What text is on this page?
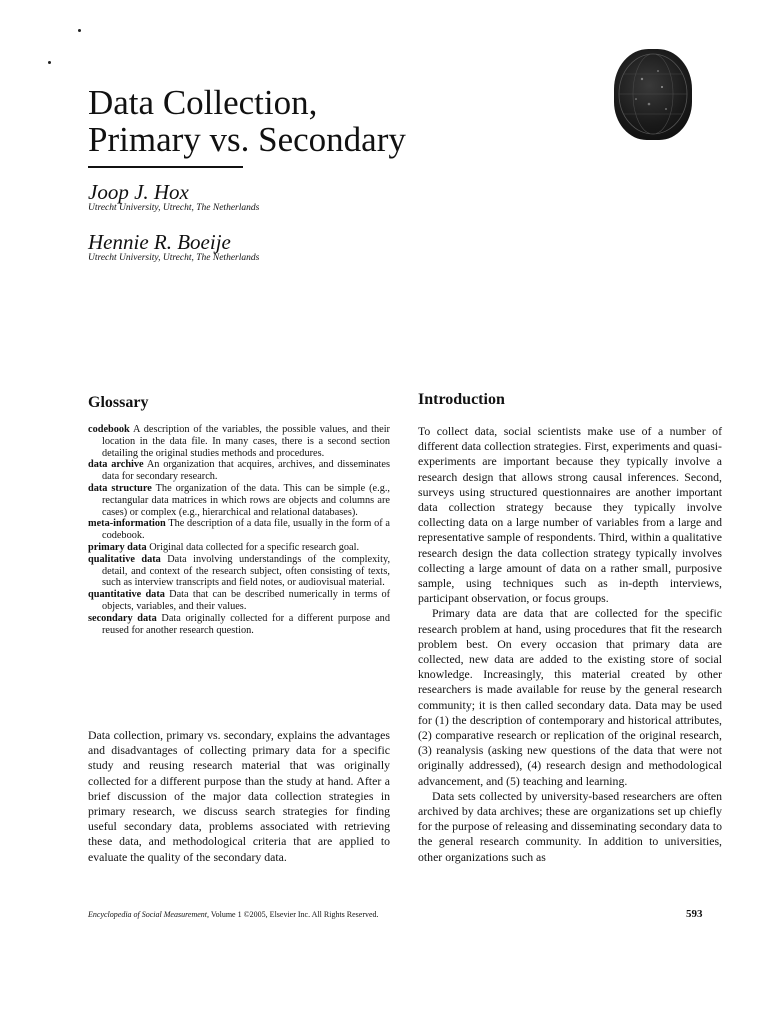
Data Collection,
Primary vs. Secondary
Joop J. Hox
Utrecht University, Utrecht, The Netherlands
Hennie R. Boeije
Utrecht University, Utrecht, The Netherlands
Glossary

codebook A description of the variables, the possible values, and their location in the data file. In many cases, there is a second section detailing the original studies methods and procedures.

data archive An organization that acquires, archives, and disseminates data for secondary research.

data structure The organization of the data. This can be simple (e.g., rectangular data matrices in which rows are objects and columns are cases) or complex (e.g., hierarchical and relational databases).

meta-information The description of a data file, usually in the form of a codebook.

primary data Original data collected for a specific research goal.

qualitative data Data involving understandings of the complexity, detail, and context of the research subject, often consisting of texts, such as interview transcripts and field notes, or audiovisual material.

quantitative data Data that can be described numerically in terms of objects, variables, and their values.

secondary data Data originally collected for a different purpose and reused for another research question.

Data collection, primary vs. secondary, explains the advantages and disadvantages of collecting primary data for a specific study and reusing research material that was originally collected for a different purpose than the study at hand. After a brief discussion of the major data collection strategies in primary research, we discuss search strategies for finding useful secondary data, problems associated with retrieving these data, and methodological criteria that are applied to evaluate the quality of the secondary data.

Introduction

To collect data, social scientists make use of a number of different data collection strategies. First, experiments and quasi-experiments are important because they typically involve a research design that allows strong causal inferences. Second, surveys using structured questionnaires are another important data collection strategy because they typically involve collecting data on a large number of variables from a large and representative sample of respondents. Third, within a qualitative research design the data collection strategy typically involves collecting a large amount of data on a rather small, purposive sample, using techniques such as in-depth interviews, participant observation, or focus groups.

Primary data are data that are collected for the specific research problem at hand, using procedures that fit the research problem best. On every occasion that primary data are collected, new data are added to the existing store of social knowledge. Increasingly, this material created by other researchers is made available for reuse by the general research community; it is then called secondary data. Data may be used for (1) the description of contemporary and historical attributes, (2) comparative research or replication of the original research, (3) reanalysis (asking new questions of the data that were not originally addressed), (4) research design and methodological advancement, and (5) teaching and learning.

Data sets collected by university-based researchers are often archived by data archives; these are organizations set up chiefly for the purpose of releasing and disseminating secondary data to the general research community. In addition to universities, other organizations such as

Encyclopedia of Social Measurement, Volume 1 ©2005, Elsevier Inc. All Rights Reserved.	593
